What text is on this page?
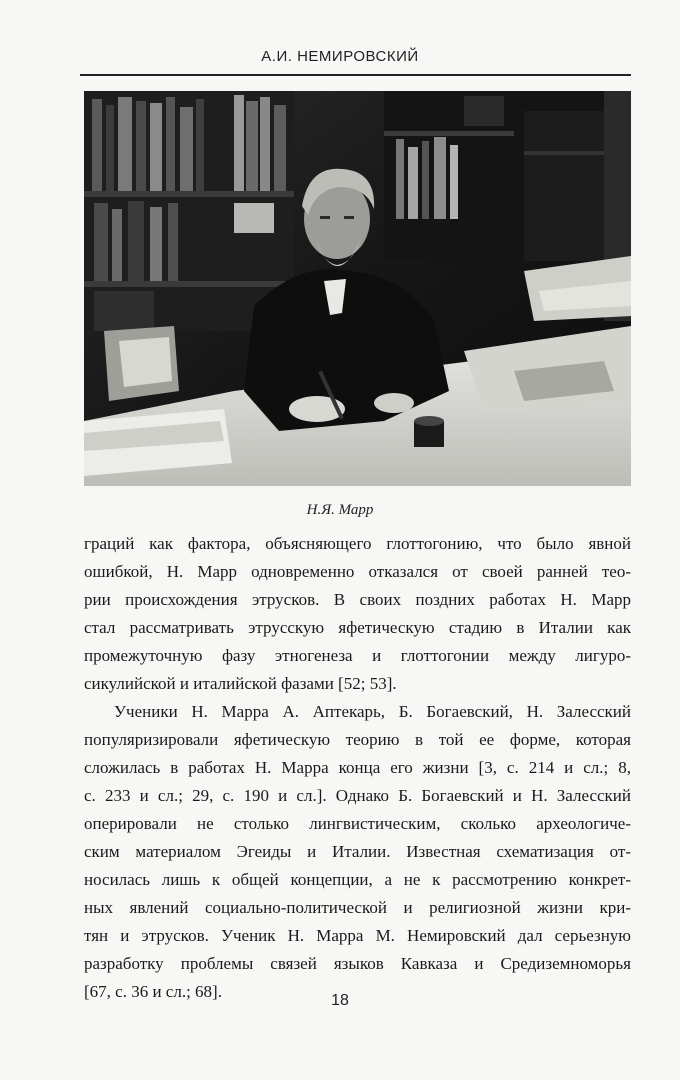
А.И. НЕМИРОВСКИЙ
Н.Я. Марр
граций как фактора, объясняющего глоттогонию, что было явной
ошибкой, Н. Марр одновременно отказался от своей ранней тео-
рии происхождения этрусков. В своих поздних работах Н. Марр
стал рассматривать этрусскую яфетическую стадию в Италии как
промежуточную фазу этногенеза и глоттогонии между лигуро-
сикулийской и италийской фазами [52; 53].
Ученики Н. Марра А. Аптекарь, Б. Богаевский, Н. Залесский
популяризировали яфетическую теорию в той ее форме, которая
сложилась в работах Н. Марра конца его жизни [3, с. 214 и сл.; 8,
с. 233 и сл.; 29, с. 190 и сл.]. Однако Б. Богаевский и Н. Залесский
оперировали не столько лингвистическим, сколько археологиче-
ским материалом Эгеиды и Италии. Известная схематизация от-
носилась лишь к общей концепции, а не к рассмотрению конкрет-
ных явлений социально-политической и религиозной жизни кри-
тян и этрусков. Ученик Н. Марра М. Немировский дал серьезную
разработку проблемы связей языков Кавказа и Средиземноморья
[67, с. 36 и сл.; 68].	18
